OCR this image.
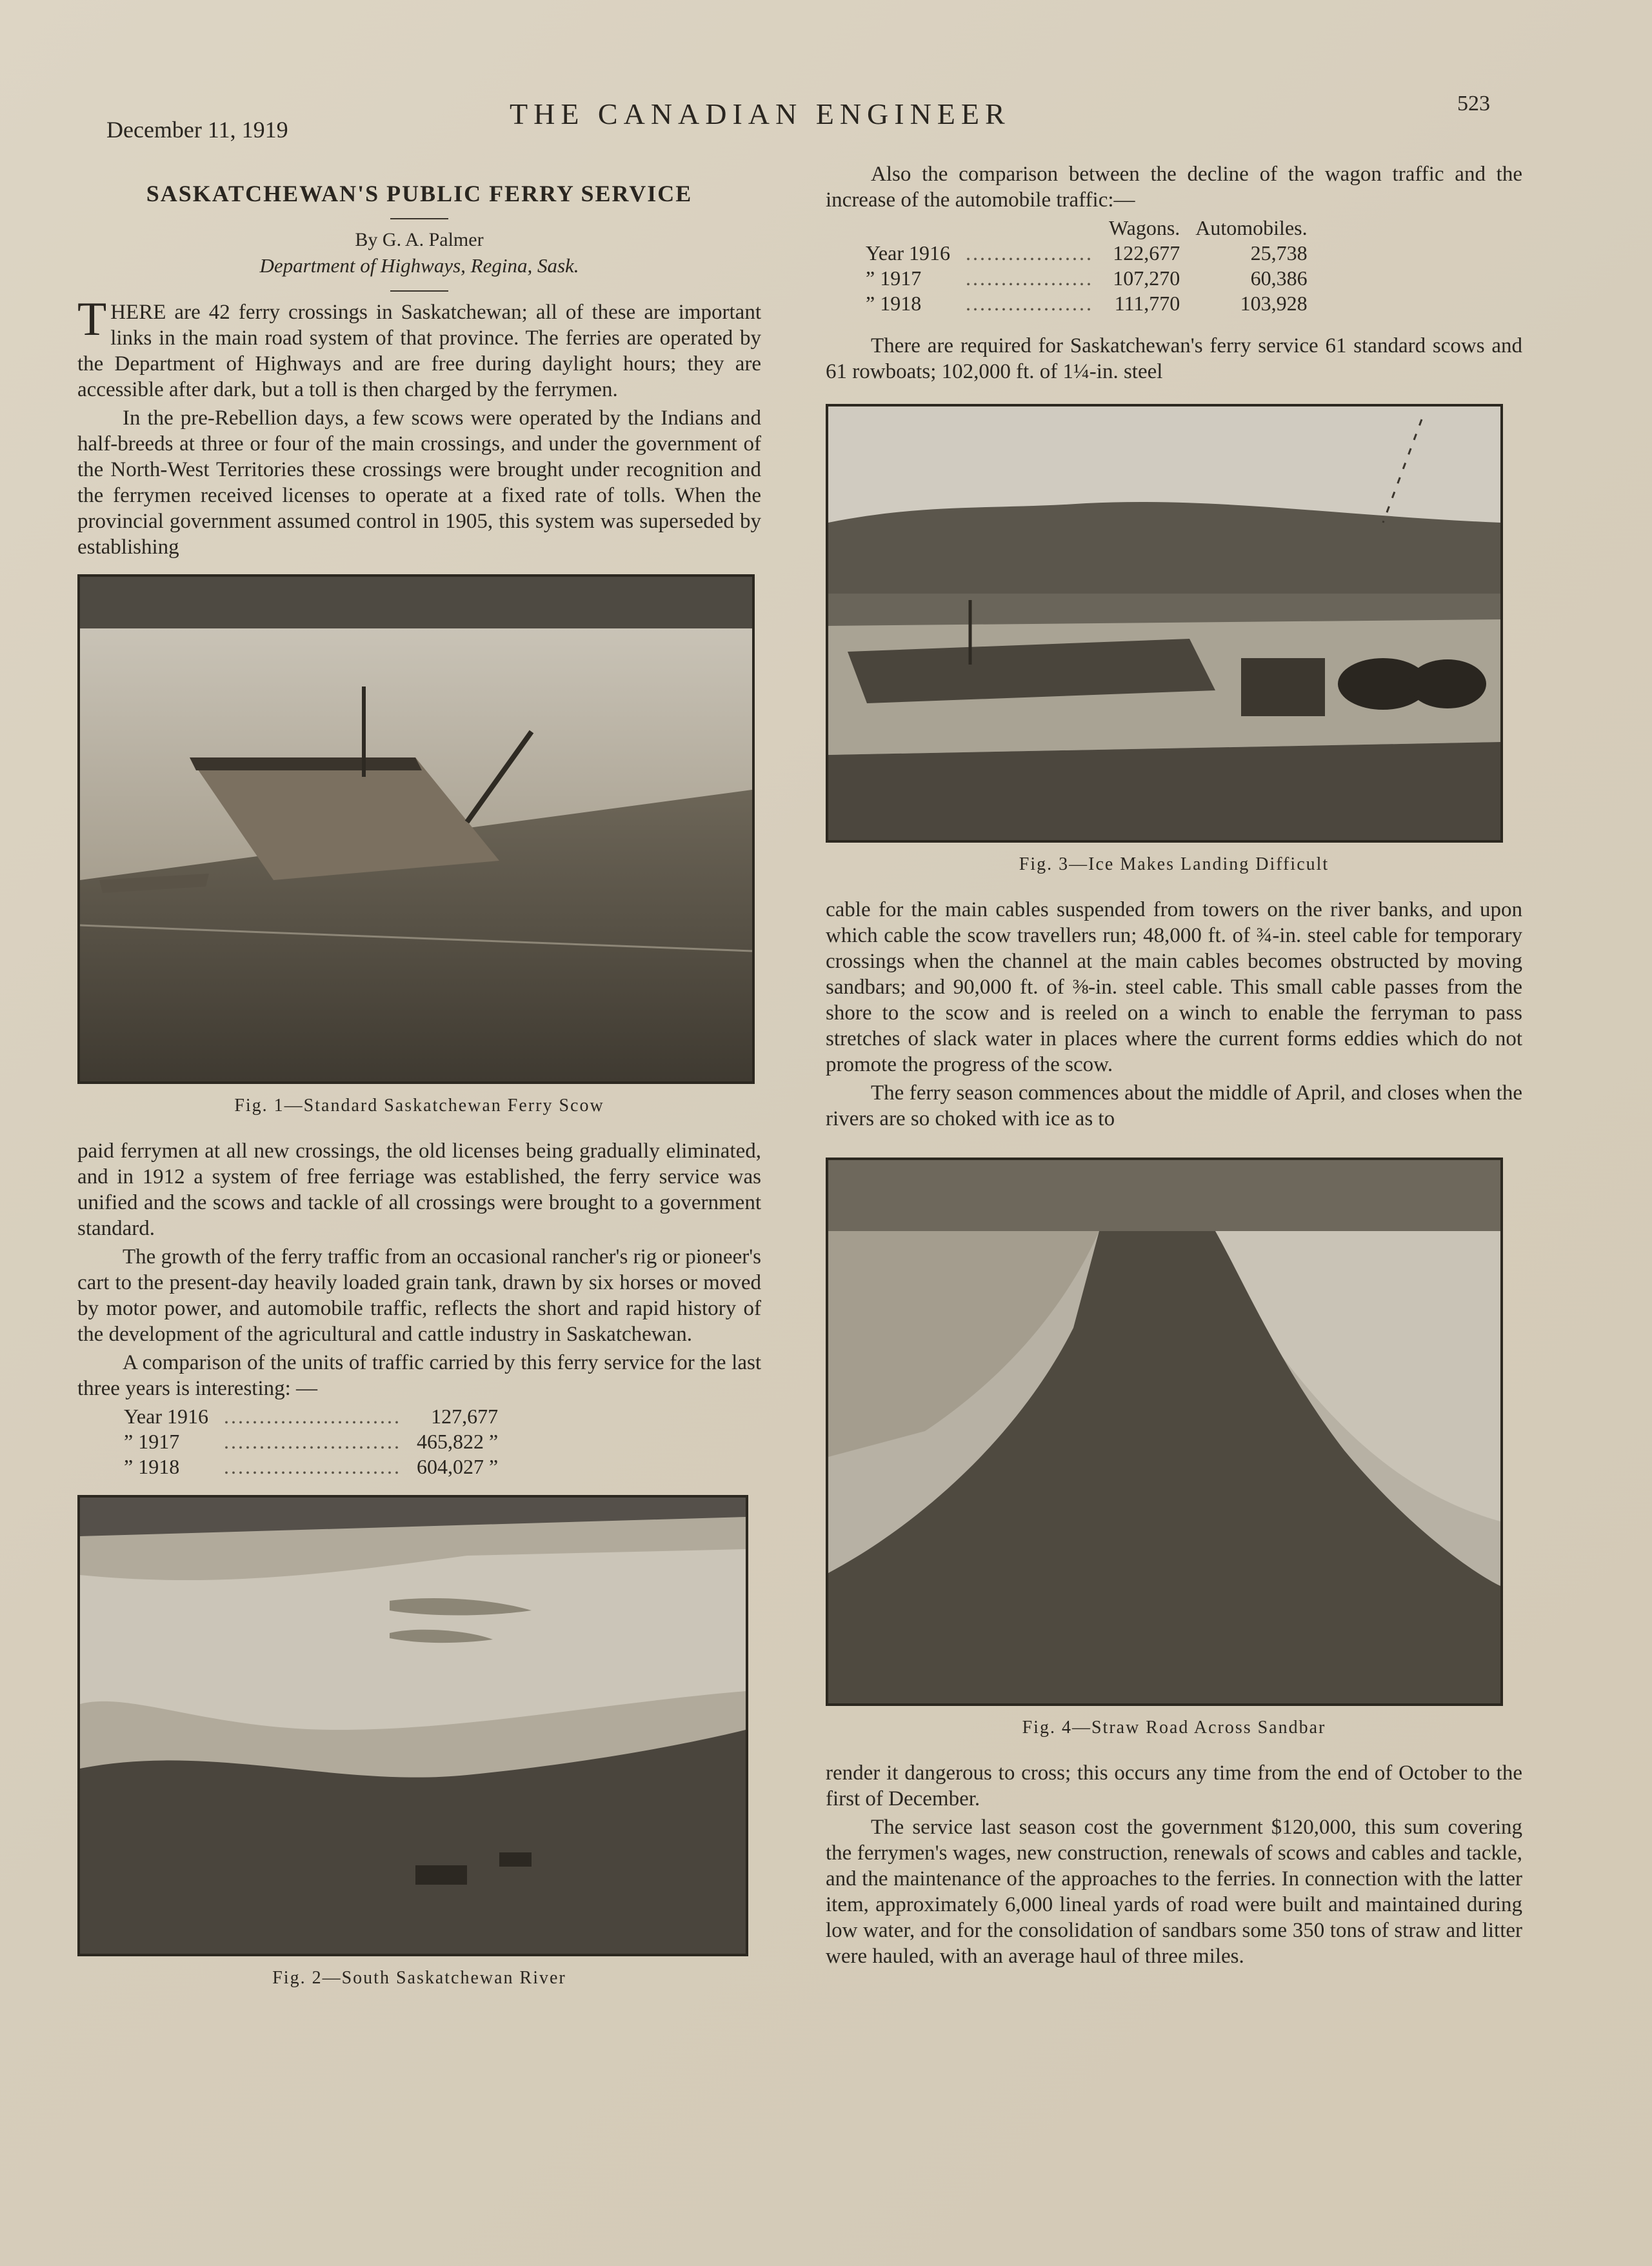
December 11, 1919	THE CANADIAN ENGINEER	523
SASKATCHEWAN'S PUBLIC FERRY SERVICE
By G. A. Palmer
Department of Highways, Regina, Sask.

THERE are 42 ferry crossings in Saskatchewan; all of these are important links in the main road system of that province. The ferries are operated by the Department of Highways and are free during daylight hours; they are accessible after dark, but a toll is then charged by the ferrymen.

In the pre-Rebellion days, a few scows were operated by the Indians and half-breeds at three or four of the main crossings, and under the government of the North-West Territories these crossings were brought under recognition and the ferrymen received licenses to operate at a fixed rate of tolls. When the provincial government assumed control in 1905, this system was superseded by establishing

Fig. 1—Standard Saskatchewan Ferry Scow

paid ferrymen at all new crossings, the old licenses being gradually eliminated, and in 1912 a system of free ferriage was established, the ferry service was unified and the scows and tackle of all crossings were brought to a government standard.

The growth of the ferry traffic from an occasional rancher's rig or pioneer's cart to the present-day heavily loaded grain tank, drawn by six horses or moved by motor power, and automobile traffic, reflects the short and rapid history of the development of the agricultural and cattle industry in Saskatchewan.

A comparison of the units of traffic carried by this ferry service for the last three years is interesting: —

Year 1916	.........................	127,677
” 1917	.........................	465,822 ”
” 1918	.........................	604,027 ”
Fig. 2—South Saskatchewan River

Also the comparison between the decline of the wagon traffic and the increase of the automobile traffic:—

		Wagons.	Automobiles.
Year 1916	..................	122,677	25,738
” 1917	..................	107,270	60,386
” 1918	..................	111,770	103,928

There are required for Saskatchewan's ferry service 61 standard scows and 61 rowboats; 102,000 ft. of 1¼-in. steel

Fig. 3—Ice Makes Landing Difficult

cable for the main cables suspended from towers on the river banks, and upon which cable the scow travellers run; 48,000 ft. of ¾-in. steel cable for temporary crossings when the channel at the main cables becomes obstructed by moving sandbars; and 90,000 ft. of ⅜-in. steel cable. This small cable passes from the shore to the scow and is reeled on a winch to enable the ferryman to pass stretches of slack water in places where the current forms eddies which do not promote the progress of the scow.

The ferry season commences about the middle of April, and closes when the rivers are so choked with ice as to

Fig. 4—Straw Road Across Sandbar

render it dangerous to cross; this occurs any time from the end of October to the first of December.

The service last season cost the government $120,000, this sum covering the ferrymen's wages, new construction, renewals of scows and cables and tackle, and the maintenance of the approaches to the ferries. In connection with the latter item, approximately 6,000 lineal yards of road were built and maintained during low water, and for the consolidation of sandbars some 350 tons of straw and litter were hauled, with an average haul of three miles.
